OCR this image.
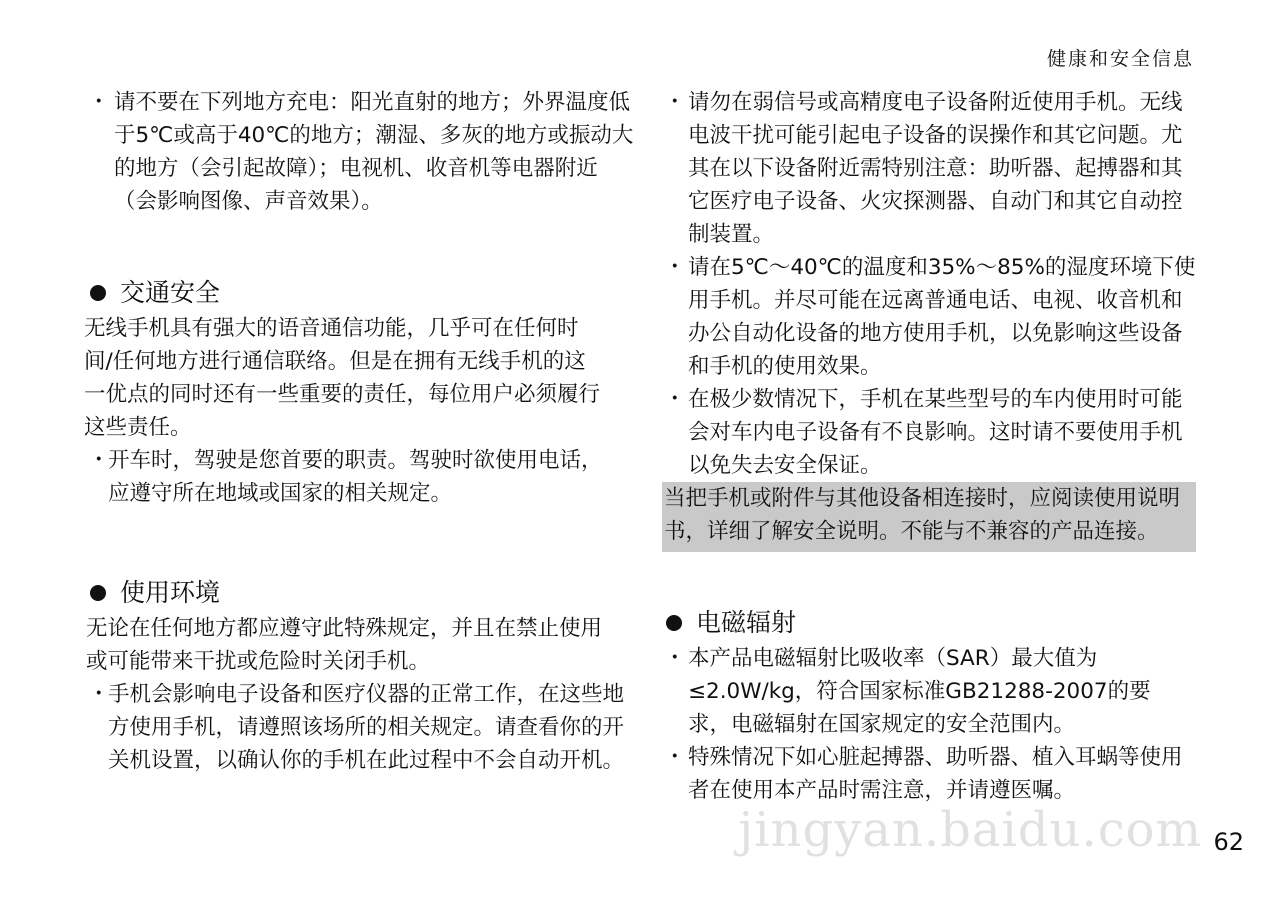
健康和安全信息

・ 请不要在下列地方充电：阳光直射的地方；外界温度低于5℃或高于40℃的地方；潮湿、多灰的地方或振动大的地方（会引起故障）；电视机、收音机等电器附近（会影响图像、声音效果）。

交通安全

无线手机具有强大的语音通信功能，几乎可在任何时间/任何地方进行通信联络。但是在拥有无线手机的这一优点的同时还有一些重要的责任，每位用户必须履行这些责任。

・ 开车时，驾驶是您首要的职责。驾驶时欲使用电话，应遵守所在地域或国家的相关规定。

使用环境

无论在任何地方都应遵守此特殊规定，并且在禁止使用或可能带来干扰或危险时关闭手机。

・ 手机会影响电子设备和医疗仪器的正常工作，在这些地方使用手机，请遵照该场所的相关规定。请查看你的开关机设置，以确认你的手机在此过程中不会自动开机。

・ 请勿在弱信号或高精度电子设备附近使用手机。无线电波干扰可能引起电子设备的误操作和其它问题。尤其在以下设备附近需特别注意：助听器、起搏器和其它医疗电子设备、火灾探测器、自动门和其它自动控制装置。

・ 请在5℃～40℃的温度和35%～85%的湿度环境下使用手机。并尽可能在远离普通电话、电视、收音机和办公自动化设备的地方使用手机，以免影响这些设备和手机的使用效果。

・ 在极少数情况下，手机在某些型号的车内使用时可能会对车内电子设备有不良影响。这时请不要使用手机以免失去安全保证。

当把手机或附件与其他设备相连接时，应阅读使用说明书，详细了解安全说明。不能与不兼容的产品连接。

电磁辐射

・ 本产品电磁辐射比吸收率（SAR）最大值为≤2.0W/kg，符合国家标准GB21288-2007的要求，电磁辐射在国家规定的安全范围内。

・ 特殊情况下如心脏起搏器、助听器、植入耳蜗等使用者在使用本产品时需注意，并请遵医嘱。

jingyan.baidu.com 62
